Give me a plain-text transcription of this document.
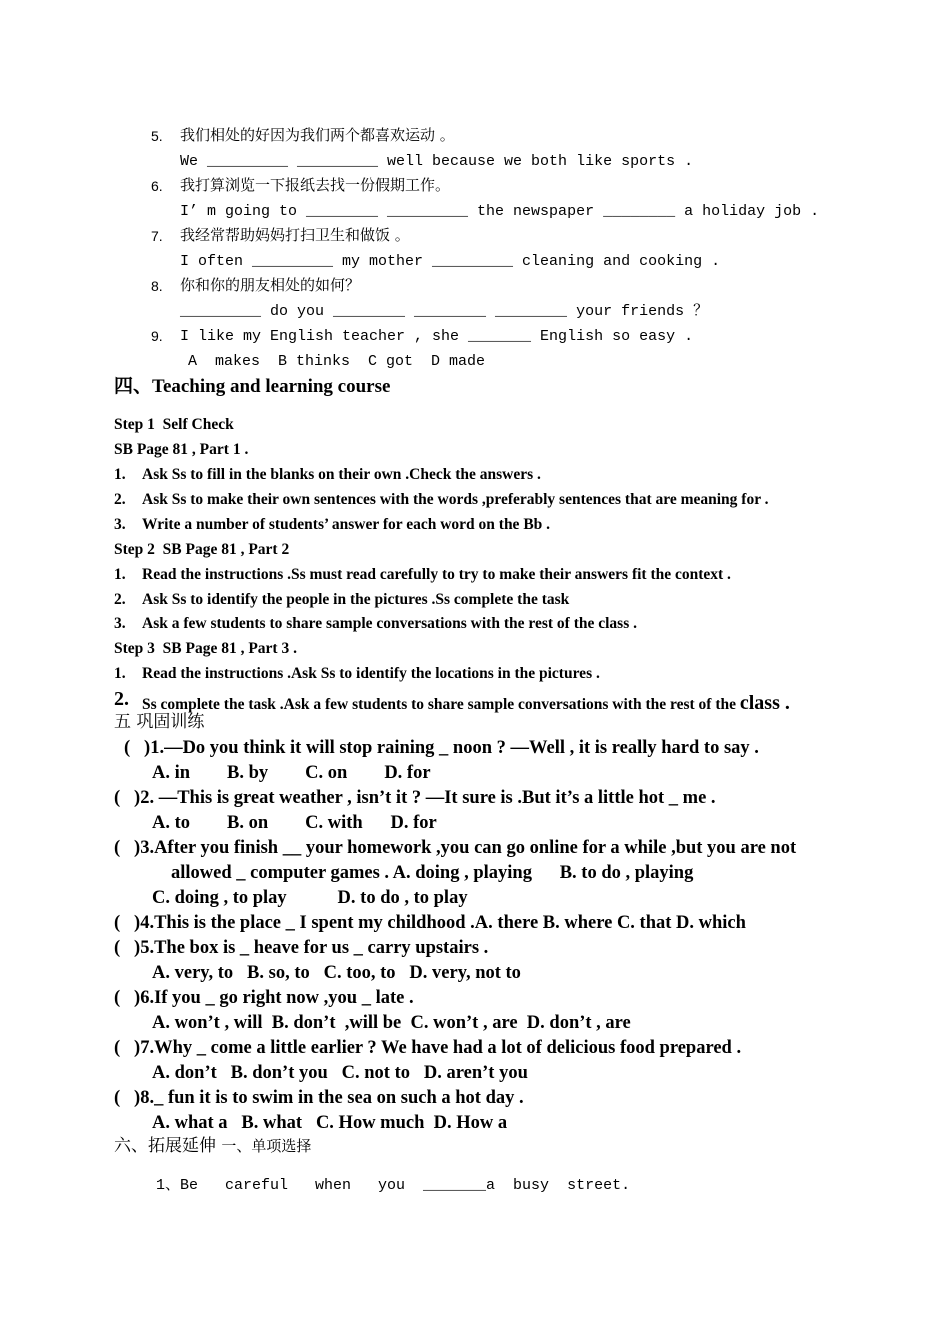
5. 我们相处的好因为我们两个都喜欢运动 。
We _________ _________ well because we both like sports .
6. 我打算浏览一下报纸去找一份假期工作。
I’ m going to ________ _________ the newspaper ________ a holiday job .
7. 我经常帮助妈妈打扫卫生和做饭 。
I often _________ my mother _________ cleaning and cooking .
8. 你和你的朋友相处的如何？
_________ do you ________ ________ ________ your friends ？
9. I like my English teacher , she _______ English so easy .
A  makes  B thinks  C got  D made
四、Teaching and learning course
Step 1  Self Check
SB Page 81 , Part 1 .
1. Ask Ss to fill in the blanks on their own .Check the answers .
2. Ask Ss to make their own sentences with the words ,preferably sentences that are meaning for .
3. Write a number of students’ answer for each word on the Bb .
Step 2  SB Page 81 , Part 2
1. Read the instructions .Ss must read carefully to try to make their answers fit the context .
2. Ask Ss to identify the people in the pictures .Ss complete the task
3. Ask a few students to share sample conversations with the rest of the class .
Step 3  SB Page 81 , Part 3 .
1. Read the instructions .Ask Ss to identify the locations in the pictures .
2. Ss complete the task .Ask a few students to share sample conversations with the rest of the class .
五 巩固训练
(   )1.—Do you think it will stop raining _ noon ? —Well , it is really hard to say .
A. in        B. by        C. on        D. for
(   )2. —This is great weather , isn’t it ? —It sure is .But it’s a little hot _ me .
A. to        B. on        C. with      D. for
(   )3.After you finish __ your homework ,you can go online for a while ,but you are not
allowed _ computer games . A. doing , playing      B. to do , playing
C. doing , to play           D. to do , to play
(   )4.This is the place _ I spent my childhood .A. there B. where C. that D. which
(   )5.The box is _ heave for us _ carry upstairs .
A. very, to   B. so, to   C. too, to   D. very, not to
(   )6.If you _ go right now ,you _ late .
A. won’t , will  B. don’t  ,will be  C. won’t , are  D. don’t , are
(   )7.Why _ come a little earlier ? We have had a lot of delicious food prepared .
A. don’t   B. don’t you   C. not to   D. aren’t you
(   )8._ fun it is to swim in the sea on such a hot day .
A. what a   B. what   C. How much  D. How a
六、拓展延伸 一、单项选择
1、Be   careful   when   you  _______a  busy  street.
